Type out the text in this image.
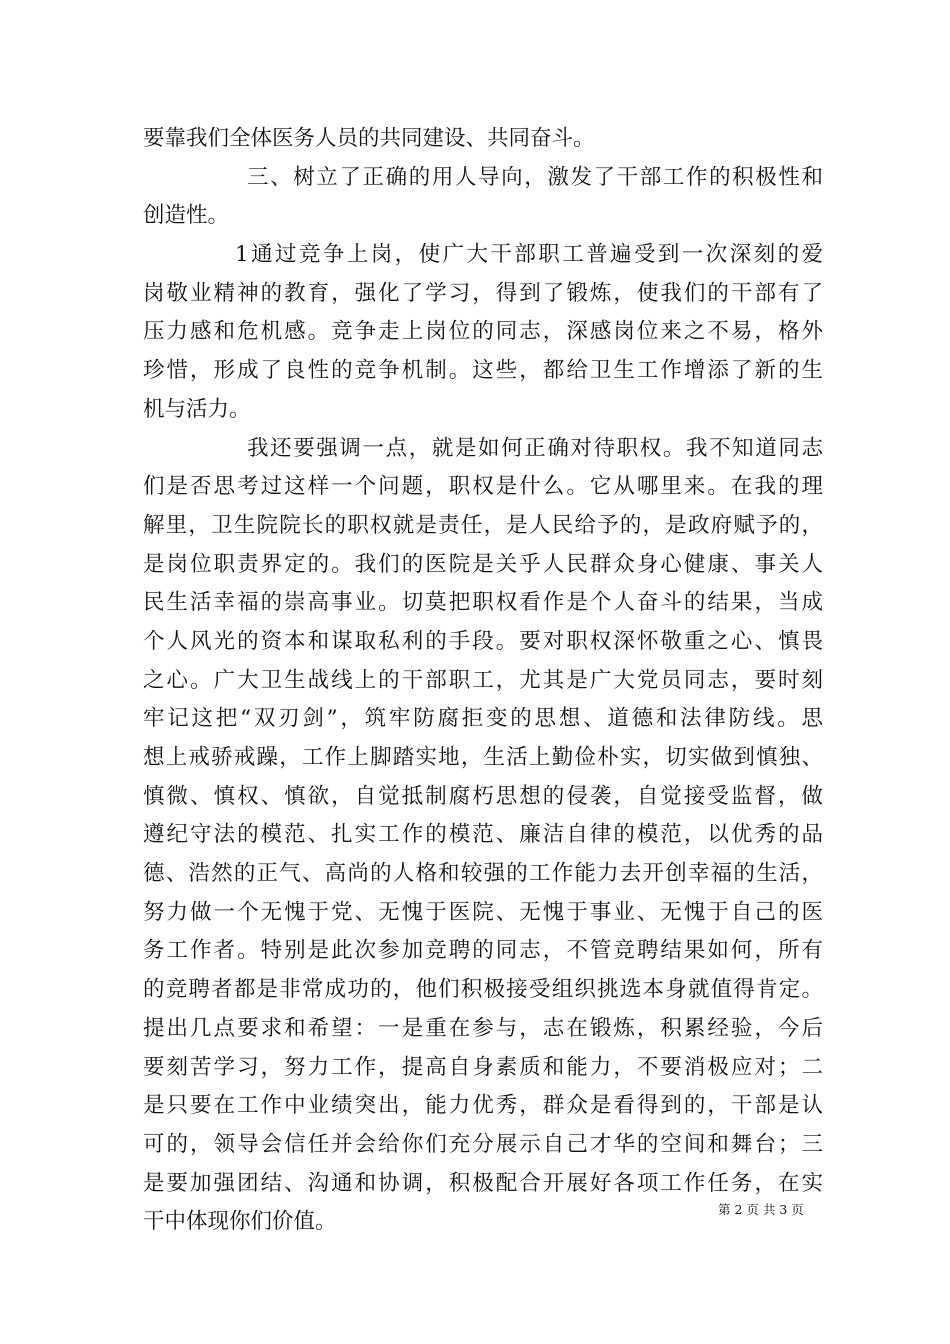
要靠我们全体医务人员的共同建设、共同奋斗。
三、树立了正确的用人导向，激发了干部工作的积极性和
创造性。
1通过竞争上岗，使广大干部职工普遍受到一次深刻的爱
岗敬业精神的教育，强化了学习，得到了锻炼，使我们的干部有了
压力感和危机感。竞争走上岗位的同志，深感岗位来之不易，格外
珍惜，形成了良性的竞争机制。这些，都给卫生工作增添了新的生
机与活力。
我还要强调一点，就是如何正确对待职权。我不知道同志
们是否思考过这样一个问题，职权是什么。它从哪里来。在我的理
解里，卫生院院长的职权就是责任，是人民给予的，是政府赋予的，
是岗位职责界定的。我们的医院是关乎人民群众身心健康、事关人
民生活幸福的崇高事业。切莫把职权看作是个人奋斗的结果，当成
个人风光的资本和谋取私利的手段。要对职权深怀敬重之心、慎畏
之心。广大卫生战线上的干部职工，尤其是广大党员同志，要时刻
牢记这把“双刃剑”，筑牢防腐拒变的思想、道德和法律防线。思
想上戒骄戒躁，工作上脚踏实地，生活上勤俭朴实，切实做到慎独、
慎微、慎权、慎欲，自觉抵制腐朽思想的侵袭，自觉接受监督，做
遵纪守法的模范、扎实工作的模范、廉洁自律的模范，以优秀的品
德、浩然的正气、高尚的人格和较强的工作能力去开创幸福的生活，
努力做一个无愧于党、无愧于医院、无愧于事业、无愧于自己的医
务工作者。特别是此次参加竞聘的同志，不管竞聘结果如何，所有
的竞聘者都是非常成功的，他们积极接受组织挑选本身就值得肯定。
提出几点要求和希望：一是重在参与，志在锻炼，积累经验，今后
要刻苦学习，努力工作，提高自身素质和能力，不要消极应对；二
是只要在工作中业绩突出，能力优秀，群众是看得到的，干部是认
可的，领导会信任并会给你们充分展示自己才华的空间和舞台；三
是要加强团结、沟通和协调，积极配合开展好各项工作任务，在实
干中体现你们价值。	第 2 页 共 3 页
